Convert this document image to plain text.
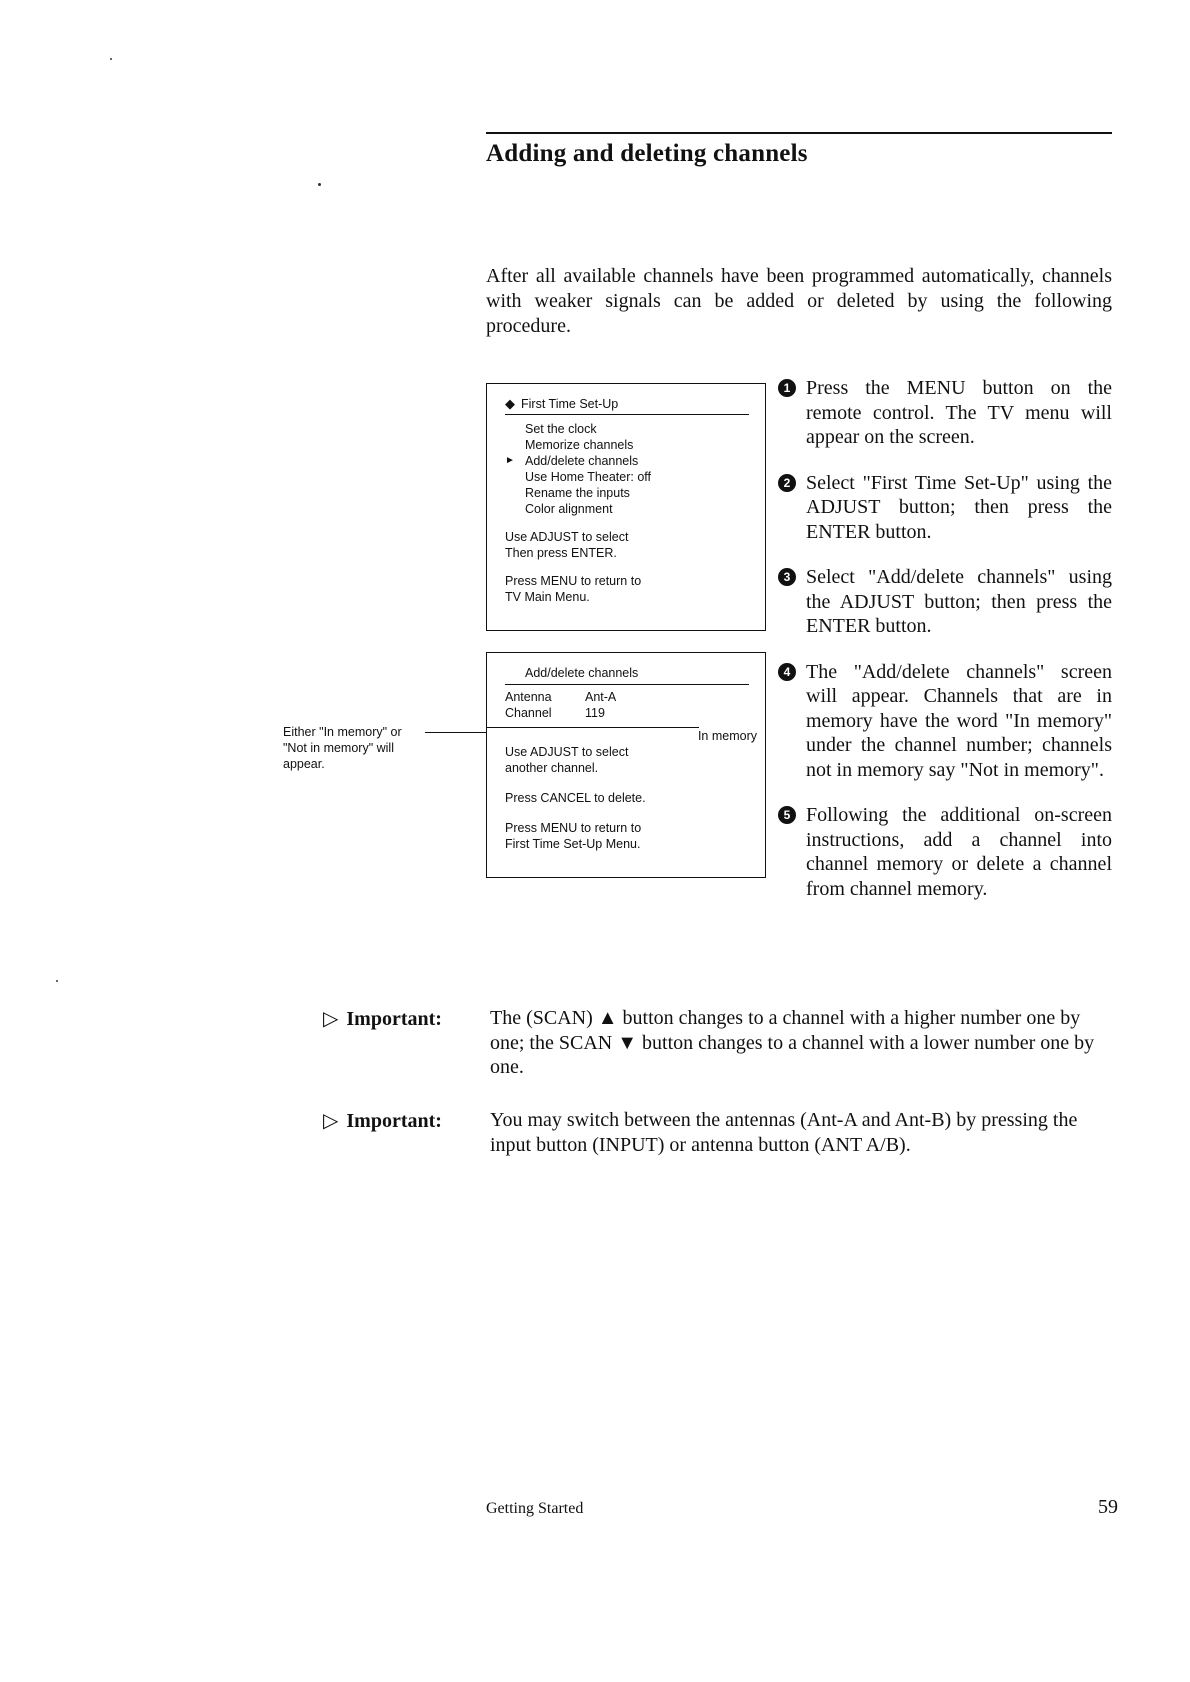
Adding and deleting channels
After all available channels have been programmed automatically, channels with weaker signals can be added or deleted by using the following procedure.
◆ First Time Set-Up
Set the clock
Memorize channels
► Add/delete channels
Use Home Theater: off
Rename the inputs
Color alignment
Use ADJUST to select
Then press ENTER.
Press MENU to return to
TV Main Menu.
Add/delete channels
Antenna	Ant-A
Channel	119
In memory
Use ADJUST to select
another channel.
Press CANCEL to delete.
Press MENU to return to
First Time Set-Up Menu.
Either "In memory" or
"Not in memory" will
appear.
1 Press the MENU button on the remote control. The TV menu will appear on the screen.
2 Select "First Time Set-Up" using the ADJUST button; then press the ENTER button.
3 Select "Add/delete channels" using the ADJUST button; then press the ENTER button.
4 The "Add/delete channels" screen will appear. Channels that are in memory have the word "In memory" under the channel number; channels not in memory say "Not in memory".
5 Following the additional on-screen instructions, add a channel into channel memory or delete a channel from channel memory.
▷ Important: The (SCAN) ▲ button changes to a channel with a higher number one by one; the SCAN ▼ button changes to a channel with a lower number one by one.
▷ Important: You may switch between the antennas (Ant-A and Ant-B) by pressing the input button (INPUT) or antenna button (ANT A/B).
Getting Started	59
